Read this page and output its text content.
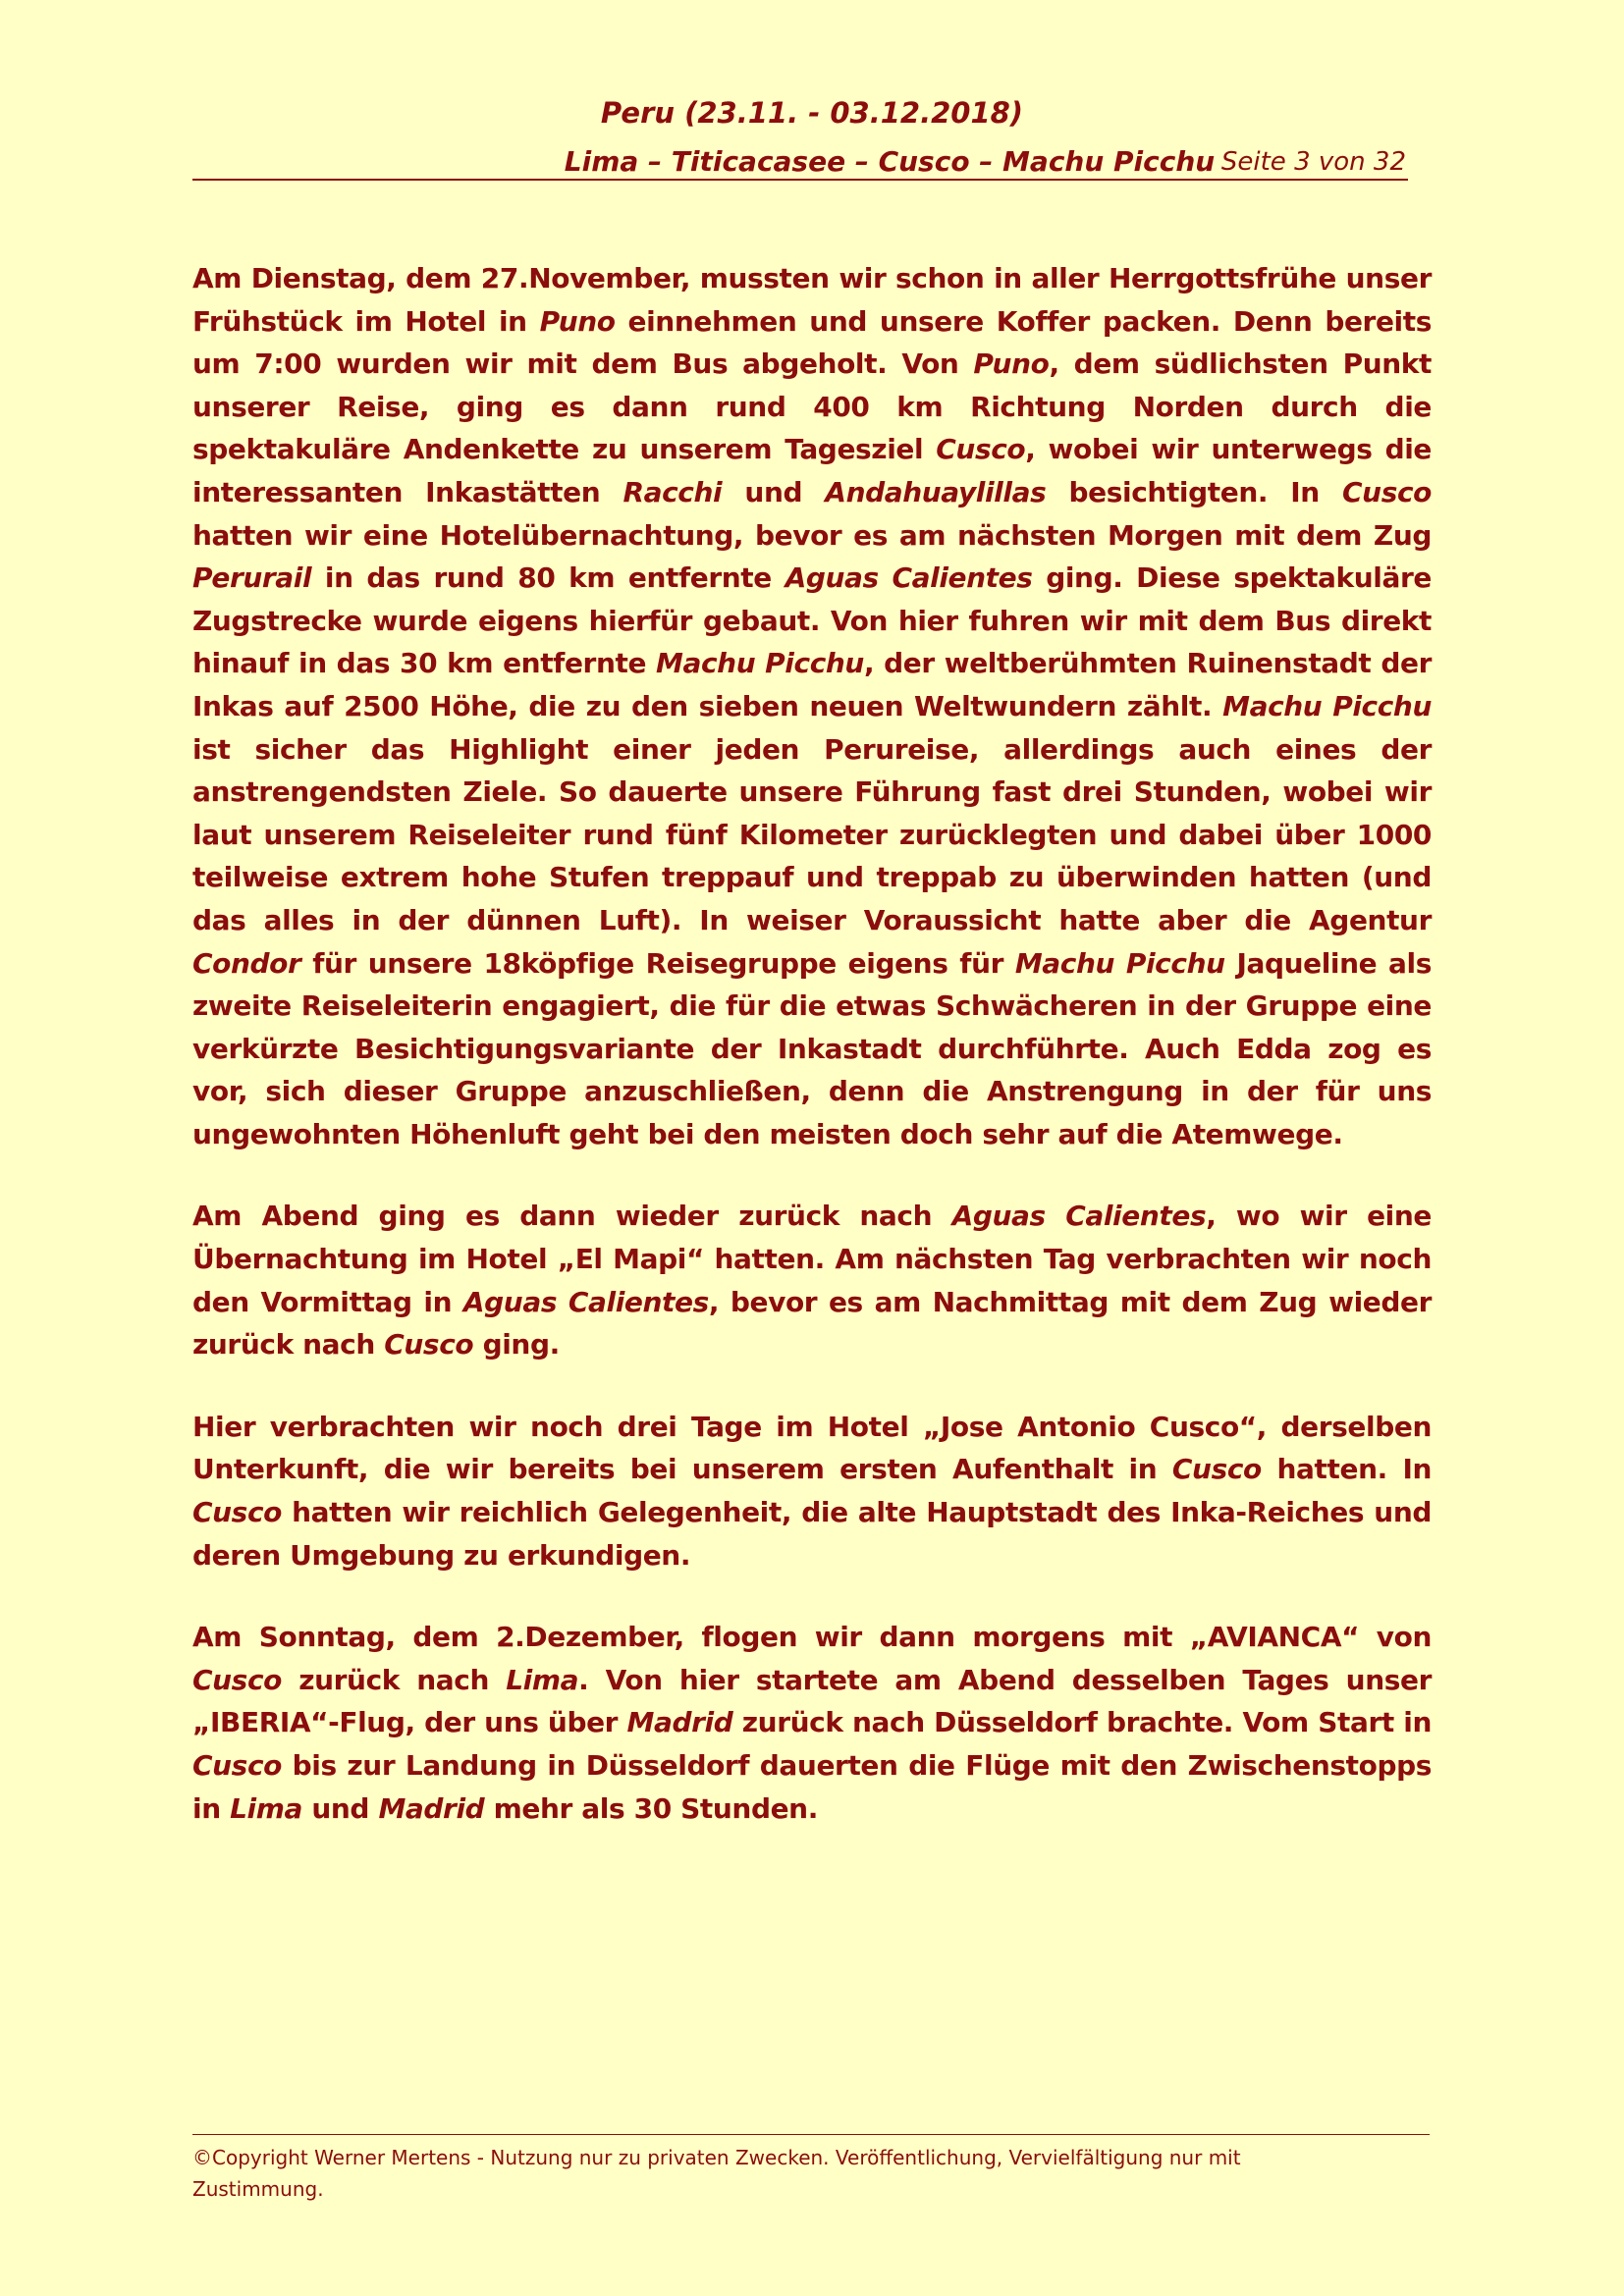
Peru (23.11. - 03.12.2018)
Lima – Titicacasee – Cusco – Machu Picchu Seite 3 von 32

Am Dienstag, dem 27.November, mussten wir schon in aller Herrgottsfrühe unser Frühstück im Hotel in Puno einnehmen und unsere Koffer packen. Denn bereits um 7:00 wurden wir mit dem Bus abgeholt. Von Puno, dem südlichsten Punkt unserer Reise, ging es dann rund 400 km Richtung Norden durch die spektakuläre Andenkette zu unserem Tagesziel Cusco, wobei wir unterwegs die interessanten Inkastätten Racchi und Andahuaylillas besichtigten. In Cusco hatten wir eine Hotelübernachtung, bevor es am nächsten Morgen mit dem Zug Perurail in das rund 80 km entfernte Aguas Calientes ging. Diese spektakuläre Zugstrecke wurde eigens hierfür gebaut. Von hier fuhren wir mit dem Bus direkt hinauf in das 30 km entfernte Machu Picchu, der weltberühmten Ruinenstadt der Inkas auf 2500 Höhe, die zu den sieben neuen Weltwundern zählt. Machu Picchu ist sicher das Highlight einer jeden Perureise, allerdings auch eines der anstrengendsten Ziele. So dauerte unsere Führung fast drei Stunden, wobei wir laut unserem Reiseleiter rund fünf Kilometer zurücklegten und dabei über 1000 teilweise extrem hohe Stufen treppauf und treppab zu überwinden hatten (und das alles in der dünnen Luft). In weiser Voraussicht hatte aber die Agentur Condor für unsere 18köpfige Reisegruppe eigens für Machu Picchu Jaqueline als zweite Reiseleiterin engagiert, die für die etwas Schwächeren in der Gruppe eine verkürzte Besichtigungsvariante der Inkastadt durchführte. Auch Edda zog es vor, sich dieser Gruppe anzuschließen, denn die Anstrengung in der für uns ungewohnten Höhenluft geht bei den meisten doch sehr auf die Atemwege.

Am Abend ging es dann wieder zurück nach Aguas Calientes, wo wir eine Übernachtung im Hotel „El Mapi“ hatten. Am nächsten Tag verbrachten wir noch den Vormittag in Aguas Calientes, bevor es am Nachmittag mit dem Zug wieder zurück nach Cusco ging.

Hier verbrachten wir noch drei Tage im Hotel „Jose Antonio Cusco“, derselben Unterkunft, die wir bereits bei unserem ersten Aufenthalt in Cusco hatten. In Cusco hatten wir reichlich Gelegenheit, die alte Hauptstadt des Inka-Reiches und deren Umgebung zu erkundigen.

Am Sonntag, dem 2.Dezember, flogen wir dann morgens mit „AVIANCA“ von Cusco zurück nach Lima. Von hier startete am Abend desselben Tages unser „IBERIA“-Flug, der uns über Madrid zurück nach Düsseldorf brachte. Vom Start in Cusco bis zur Landung in Düsseldorf dauerten die Flüge mit den Zwischenstopps in Lima und Madrid mehr als 30 Stunden.

©Copyright Werner Mertens - Nutzung nur zu privaten Zwecken. Veröffentlichung, Vervielfältigung nur mit Zustimmung.
